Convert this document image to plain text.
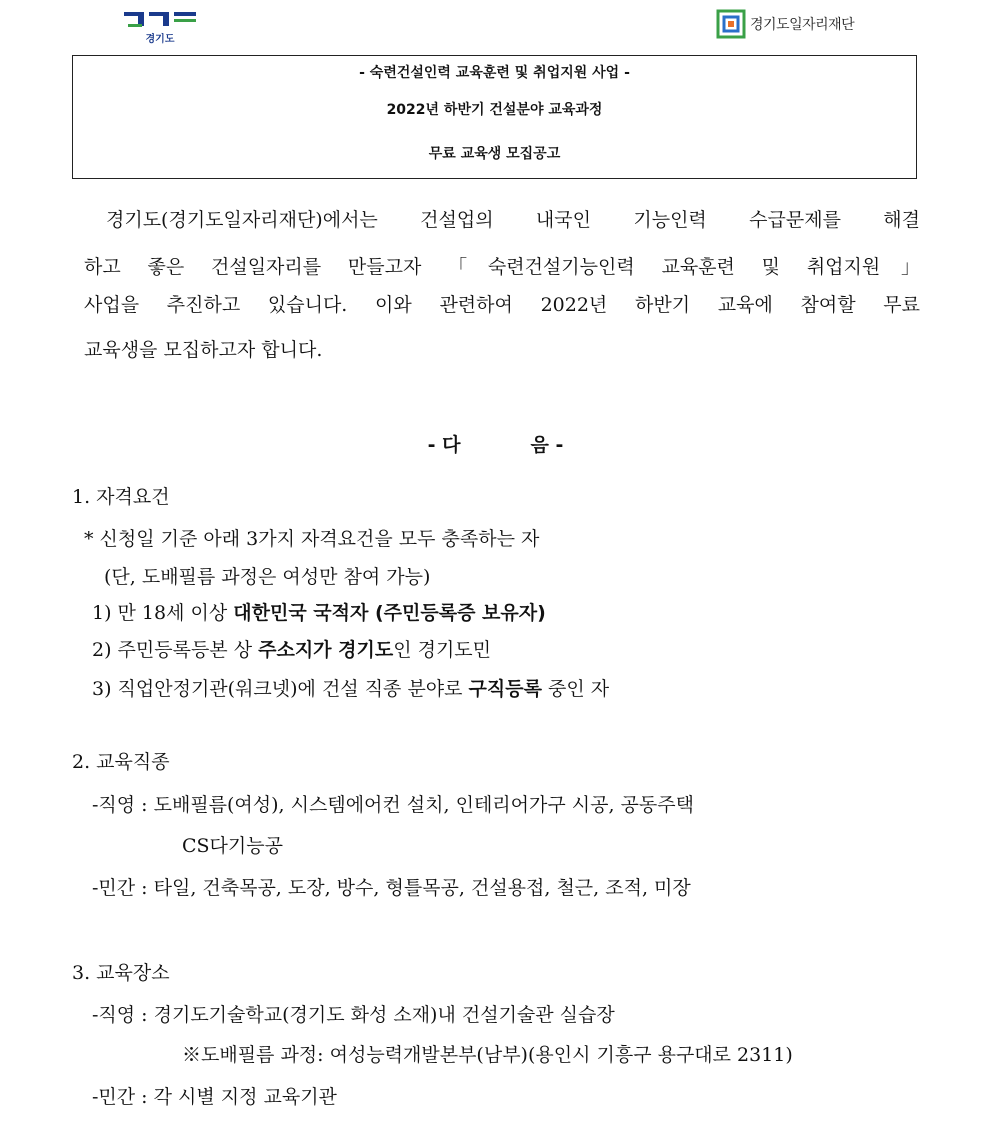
경기도
경기도일자리재단
- 숙련건설인력 교육훈련 및 취업지원 사업 -
2022년 하반기 건설분야 교육과정
무료 교육생 모집공고
경기도(경기도일자리재단)에서는 건설업의 내국인 기능인력 수급문제를 해결
하고 좋은 건설일자리를 만들고자 「숙련건설기능인력 교육훈련 및 취업지원」
사업을 추진하고 있습니다. 이와 관련하여 2022년 하반기 교육에 참여할 무료
교육생을 모집하고자 합니다.
- 다	음 -
1. 자격요건
* 신청일 기준 아래 3가지 자격요건을 모두 충족하는 자
(단, 도배필름 과정은 여성만 참여 가능)
1) 만 18세 이상 대한민국 국적자 (주민등록증 보유자)
2) 주민등록등본 상 주소지가 경기도인 경기도민
3) 직업안정기관(워크넷)에 건설 직종 분야로 구직등록 중인 자
2. 교육직종
-직영 : 도배필름(여성), 시스템에어컨 설치, 인테리어가구 시공, 공동주택
CS다기능공
-민간 : 타일, 건축목공, 도장, 방수, 형틀목공, 건설용접, 철근, 조적, 미장
3. 교육장소
-직영 : 경기도기술학교(경기도 화성 소재)내 건설기술관 실습장
※도배필름 과정: 여성능력개발본부(남부)(용인시 기흥구 용구대로 2311)
-민간 : 각 시별 지정 교육기관
